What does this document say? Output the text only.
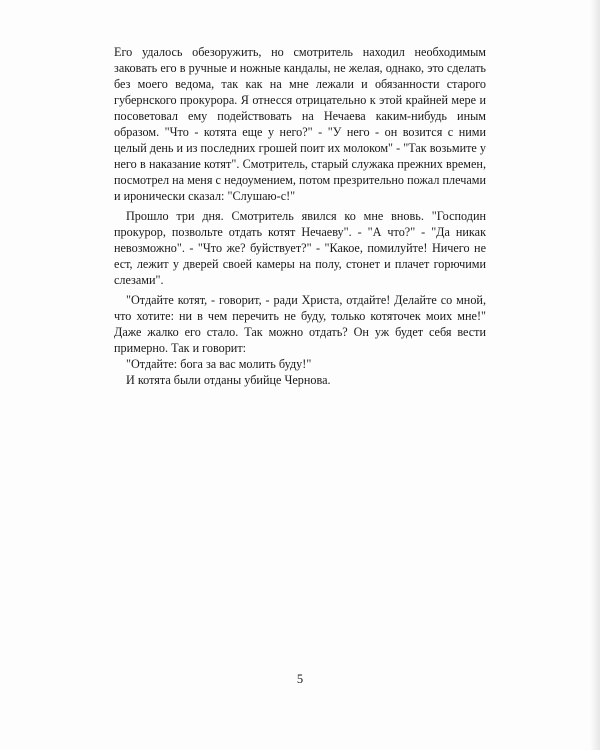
Его удалось обезоружить, но смотритель находил необходимым заковать его в ручные и ножные кандалы, не желая, однако, это сделать без моего ведома, так как на мне лежали и обязанности старого губернского прокурора. Я отнесся отрицательно к этой крайней мере и посоветовал ему подействовать на Нечаева каким-нибудь иным образом. "Что - котята еще у него?" - "У него - он возится с ними целый день и из последних грошей поит их молоком" - "Так возьмите у него в наказание котят". Смотритель, старый служака прежних времен, посмотрел на меня с недоумением, потом презрительно пожал плечами и иронически сказал: "Слушаю-с!"

Прошло три дня. Смотритель явился ко мне вновь. "Господин прокурор, позвольте отдать котят Нечаеву". - "А что?" - "Да никак невозможно". - "Что же? буйствует?" - "Какое, помилуйте! Ничего не ест, лежит у дверей своей камеры на полу, стонет и плачет горючими слезами".

"Отдайте котят, - говорит, - ради Христа, отдайте! Делайте со мной, что хотите: ни в чем перечить не буду, только котяточек моих мне!" Даже жалко его стало. Так можно отдать? Он уж будет себя вести примерно. Так и говорит:

"Отдайте: бога за вас молить буду!"

И котята были отданы убийце Чернова.

5
